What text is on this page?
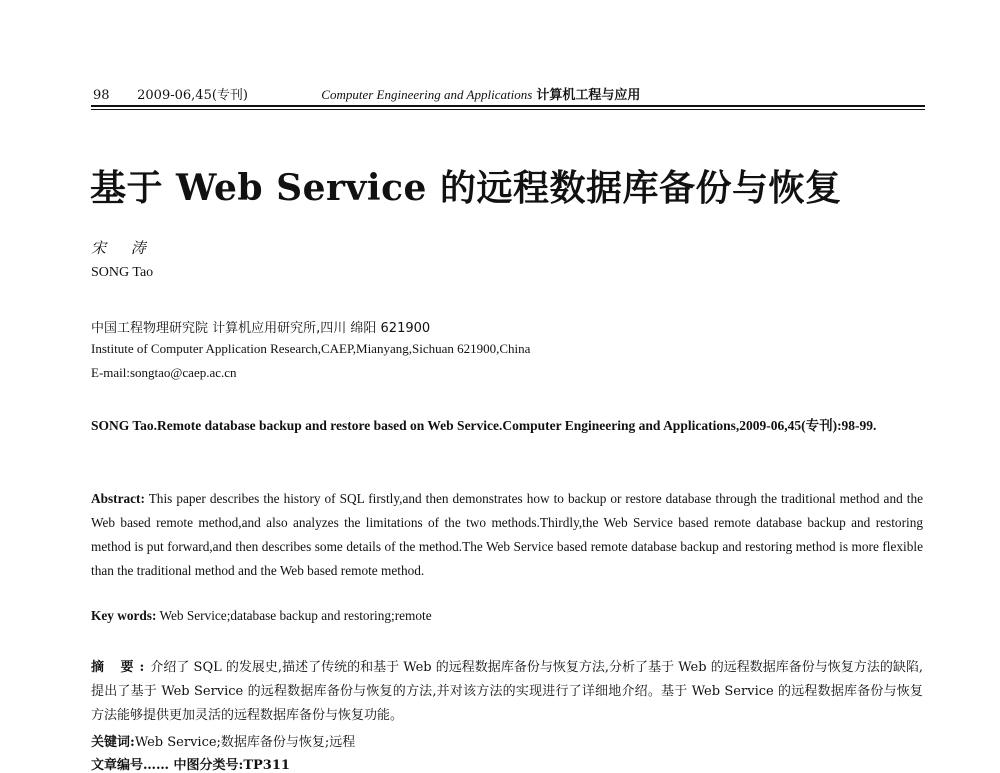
98 2009-06,45(专刊)	Computer Engineering and Applications 计算机工程与应用
基于 Web Service 的远程数据库备份与恢复
宋 涛
SONG Tao
中国工程物理研究院 计算机应用研究所,四川 绵阳 621900
Institute of Computer Application Research,CAEP,Mianyang,Sichuan 621900,China
E-mail:songtao@caep.ac.cn
SONG Tao.Remote database backup and restore based on Web Service.Computer Engineering and Applications,2009-06,45(专刊):98-99.
Abstract: This paper describes the history of SQL firstly,and then demonstrates how to backup or restore database through the traditional method and the Web based remote method,and also analyzes the limitations of the two methods.Thirdly,the Web Service based remote database backup and restoring method is put forward,and then describes some details of the method.The Web Service based remote database backup and restoring method is more flexible than the traditional method and the Web based remote method.
Key words: Web Service;database backup and restoring;remote
摘 要:介绍了 SQL 的发展史,描述了传统的和基于 Web 的远程数据库备份与恢复方法,分析了基于 Web 的远程数据库备份与恢复方法的缺陷,提出了基于 Web Service 的远程数据库备份与恢复的方法,并对该方法的实现进行了详细地介绍。基于 Web Service 的远程数据库备份与恢复方法能够提供更加灵活的远程数据库备份与恢复功能。
关键词:Web Service;数据库备份与恢复;远程
文章编号…… 中图分类号:TP311
